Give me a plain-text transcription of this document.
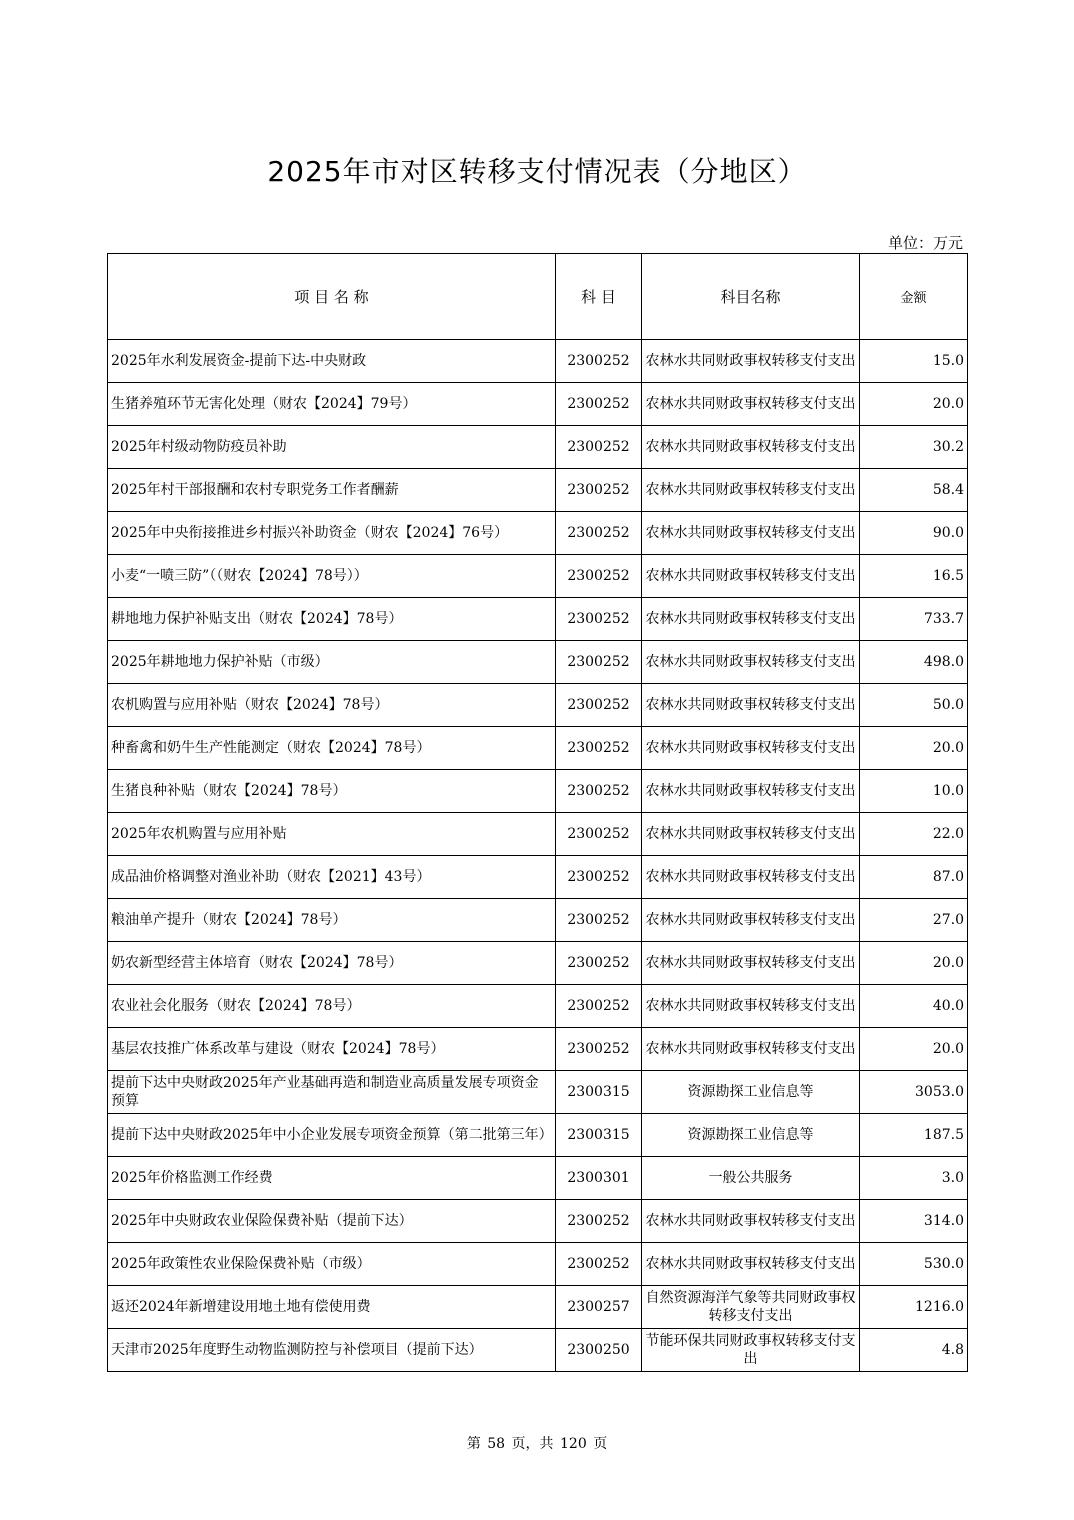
2025年市对区转移支付情况表（分地区）
单位：万元
项 目 名 称	科 目	科目名称	金额
2025年水利发展资金-提前下达-中央财政	2300252	农林水共同财政事权转移支付支出	15.0
生猪养殖环节无害化处理（财农【2024】79号）	2300252	农林水共同财政事权转移支付支出	20.0
2025年村级动物防疫员补助	2300252	农林水共同财政事权转移支付支出	30.2
2025年村干部报酬和农村专职党务工作者酬薪	2300252	农林水共同财政事权转移支付支出	58.4
2025年中央衔接推进乡村振兴补助资金（财农【2024】76号）	2300252	农林水共同财政事权转移支付支出	90.0
小麦“一喷三防”（（财农【2024】78号））	2300252	农林水共同财政事权转移支付支出	16.5
耕地地力保护补贴支出（财农【2024】78号）	2300252	农林水共同财政事权转移支付支出	733.7
2025年耕地地力保护补贴（市级）	2300252	农林水共同财政事权转移支付支出	498.0
农机购置与应用补贴（财农【2024】78号）	2300252	农林水共同财政事权转移支付支出	50.0
种畜禽和奶牛生产性能测定（财农【2024】78号）	2300252	农林水共同财政事权转移支付支出	20.0
生猪良种补贴（财农【2024】78号）	2300252	农林水共同财政事权转移支付支出	10.0
2025年农机购置与应用补贴	2300252	农林水共同财政事权转移支付支出	22.0
成品油价格调整对渔业补助（财农【2021】43号）	2300252	农林水共同财政事权转移支付支出	87.0
粮油单产提升（财农【2024】78号）	2300252	农林水共同财政事权转移支付支出	27.0
奶农新型经营主体培育（财农【2024】78号）	2300252	农林水共同财政事权转移支付支出	20.0
农业社会化服务（财农【2024】78号）	2300252	农林水共同财政事权转移支付支出	40.0
基层农技推广体系改革与建设（财农【2024】78号）	2300252	农林水共同财政事权转移支付支出	20.0
提前下达中央财政2025年产业基础再造和制造业高质量发展专项资金预算	2300315	资源勘探工业信息等	3053.0
提前下达中央财政2025年中小企业发展专项资金预算（第二批第三年）	2300315	资源勘探工业信息等	187.5
2025年价格监测工作经费	2300301	一般公共服务	3.0
2025年中央财政农业保险保费补贴（提前下达）	2300252	农林水共同财政事权转移支付支出	314.0
2025年政策性农业保险保费补贴（市级）	2300252	农林水共同财政事权转移支付支出	530.0
返还2024年新增建设用地土地有偿使用费	2300257	自然资源海洋气象等共同财政事权转移支付支出	1216.0
天津市2025年度野生动物监测防控与补偿项目（提前下达）	2300250	节能环保共同财政事权转移支付支出	4.8
第 58 页，共 120 页
